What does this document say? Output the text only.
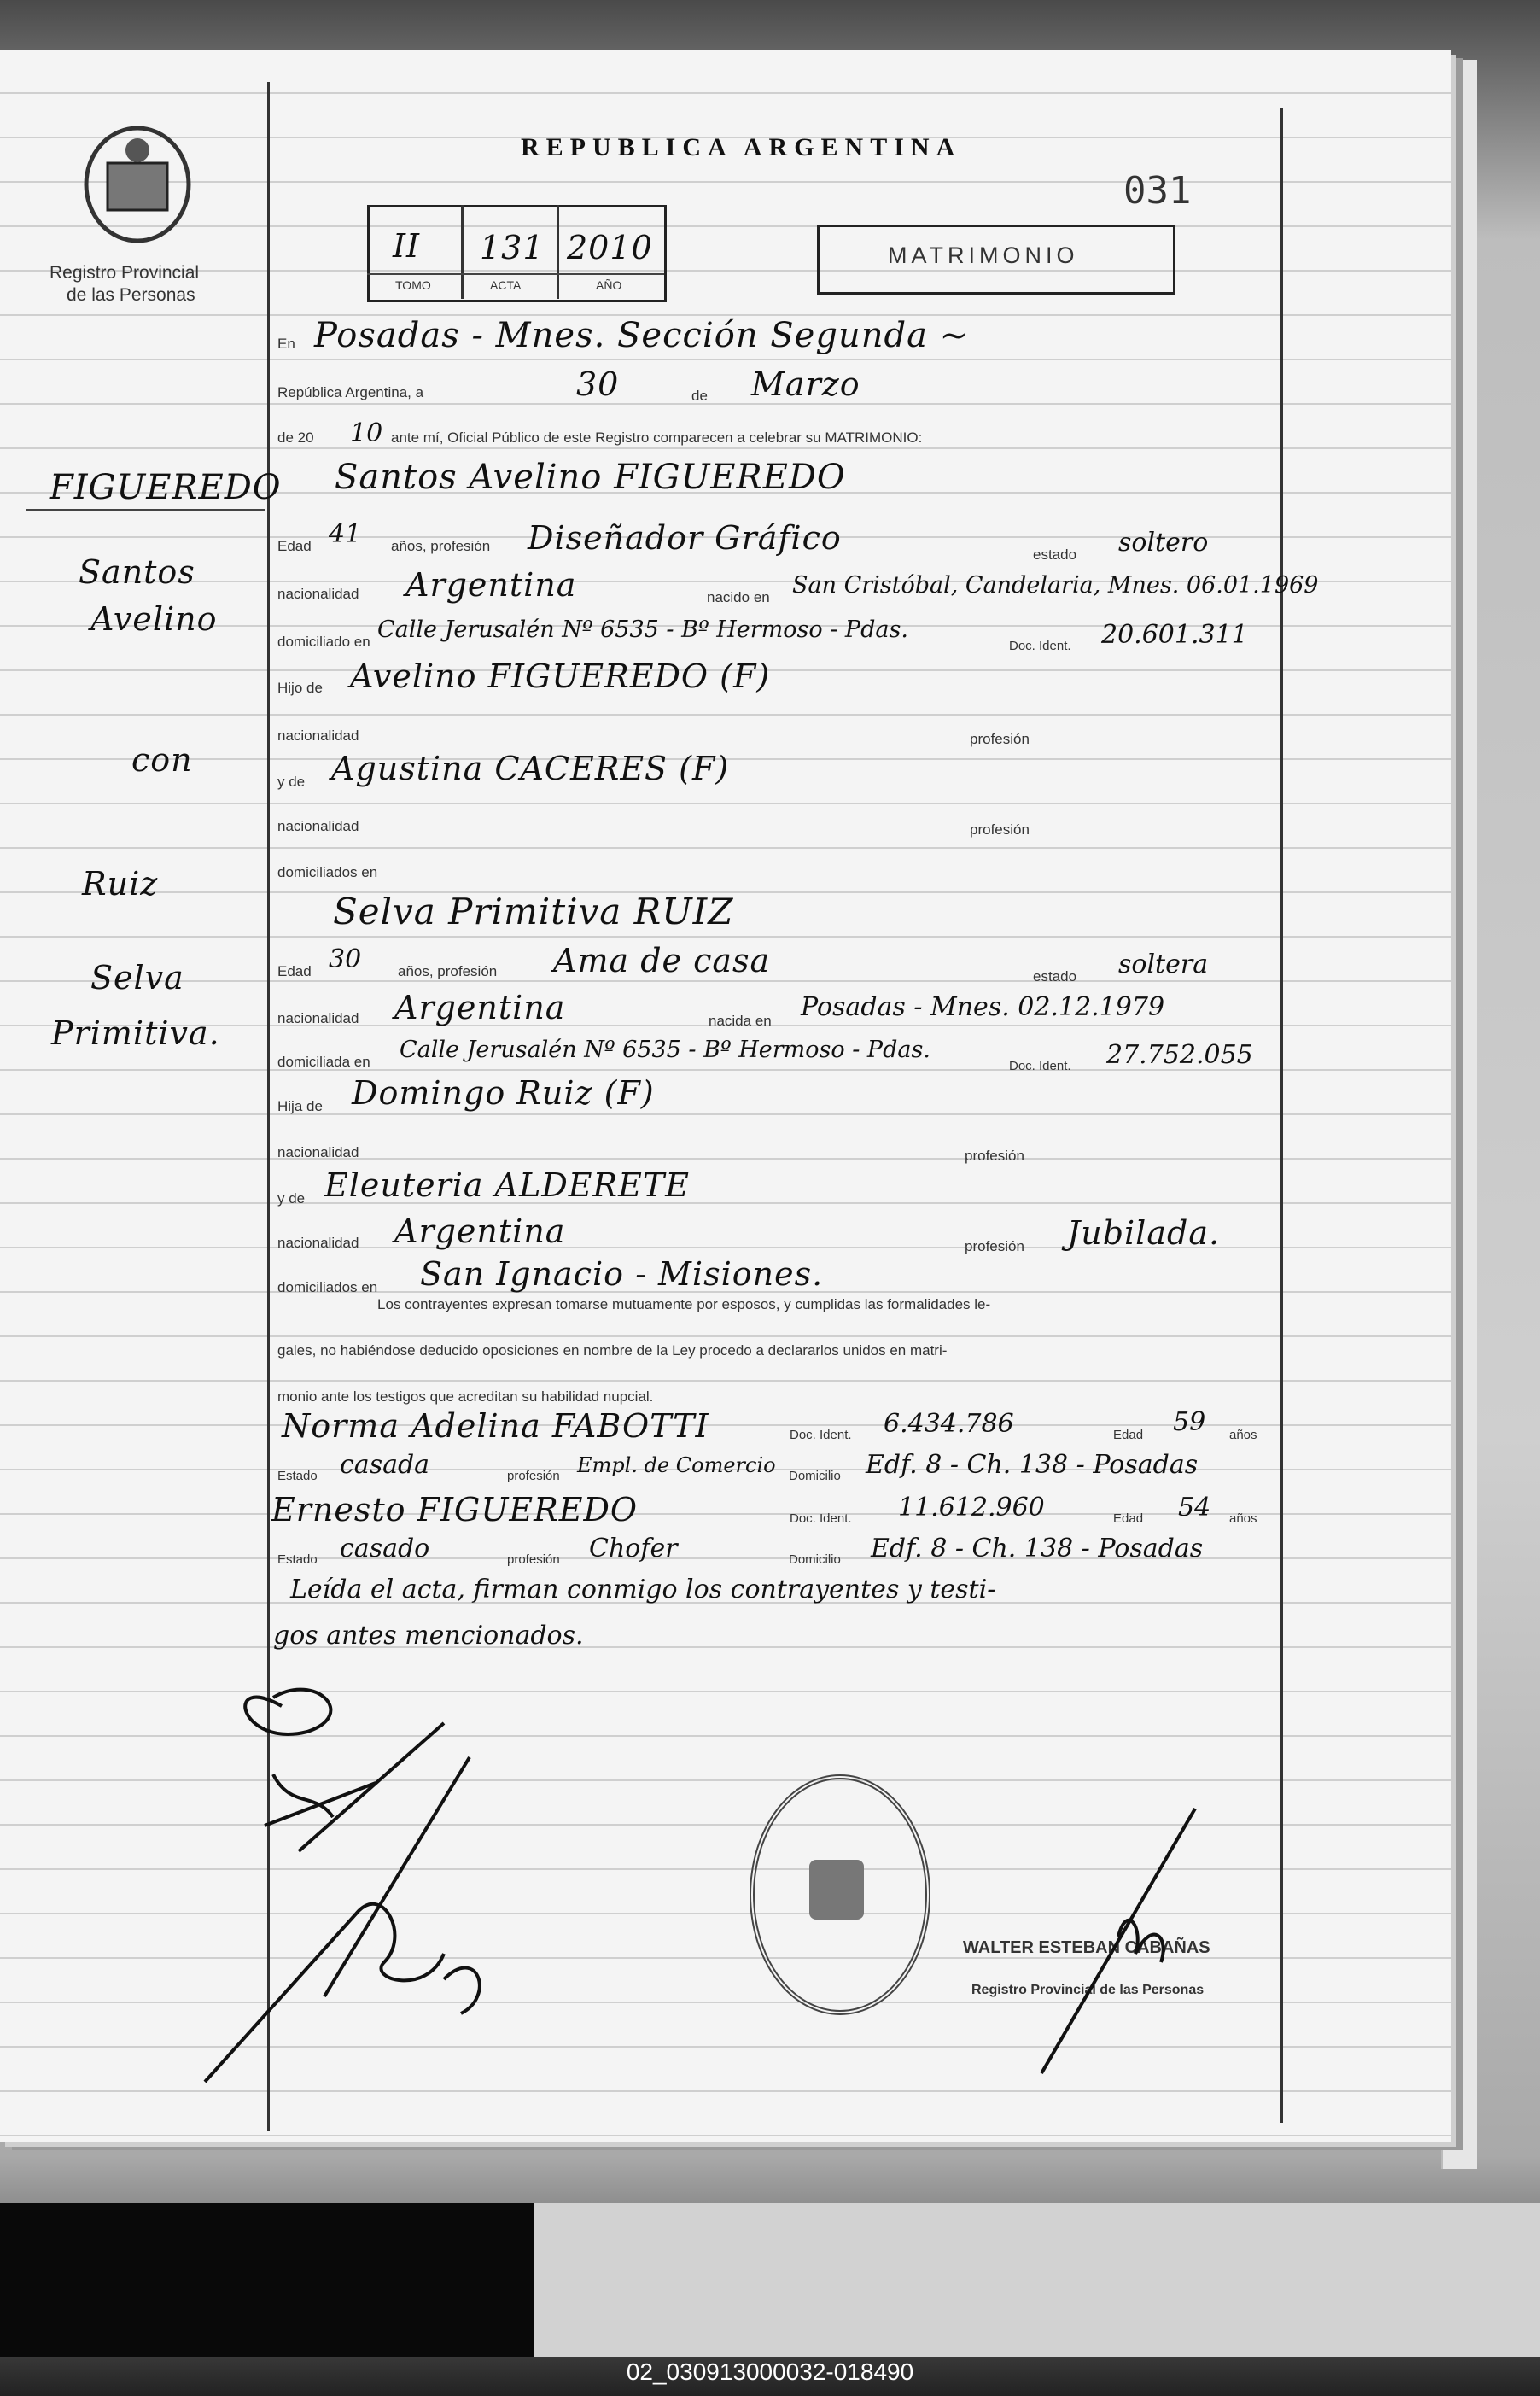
Registro Provincial
de las Personas
REPUBLICA ARGENTINA
031
II 131 2010
TOMO	ACTA	AÑO
MATRIMONIO
FIGUEREDO
Santos
Avelino
con
Ruiz
Selva
Primitiva.
En Posadas - Mnes. Sección Segunda ~
República Argentina, a	30	de Marzo
de 20 10 ante mí, Oficial Público de este Registro comparecen a celebrar su MATRIMONIO:
Santos Avelino FIGUEREDO
Edad 41 años, profesión Diseñador Gráfico	estado soltero
nacionalidad Argentina	nacido en San Cristóbal, Candelaria, Mnes. 06.01.1969
domiciliado en Calle Jerusalén Nº 6535 - Bº Hermoso - Pdas.
Doc. Ident. 20.601.311
Hijo de Avelino FIGUEREDO (F)
nacionalidad	profesión
y de Agustina CACERES (F)
nacionalidad	profesión
domiciliados en
Selva Primitiva RUIZ
Edad 30	años, profesión Ama de casa	estado soltera
nacionalidad Argentina	nacida en Posadas - Mnes. 02.12.1979
domiciliada en Calle Jerusalén Nº 6535 - Bº Hermoso - Pdas.
Doc. Ident. 27.752.055
Hija de Domingo Ruiz (F)
nacionalidad	profesión
y de Eleuteria ALDERETE
nacionalidad Argentina	profesión Jubilada.
domiciliados en San Ignacio - Misiones.
Los contrayentes expresan tomarse mutuamente por esposos, y cumplidas las formalidades le-
gales, no habiéndose deducido oposiciones en nombre de la Ley procedo a declararlos unidos en matri-
monio ante los testigos que acreditan su habilidad nupcial.
Norma Adelina FABOTTI	Doc. Ident. 6.434.786	Edad 59 años
Estado casada	profesión Empl. de Comercio Domicilio Edf. 8 - Ch. 138 - Posadas
Ernesto FIGUEREDO	Doc. Ident. 11.612.960	Edad 54 años
Estado casado	profesión Chofer	Domicilio Edf. 8 - Ch. 138 - Posadas
Leída el acta, firman conmigo los contrayentes y testi-
gos antes mencionados.
WALTER ESTEBAN CABAÑAS
Registro Provincial de las Personas
02_030913000032-018490
